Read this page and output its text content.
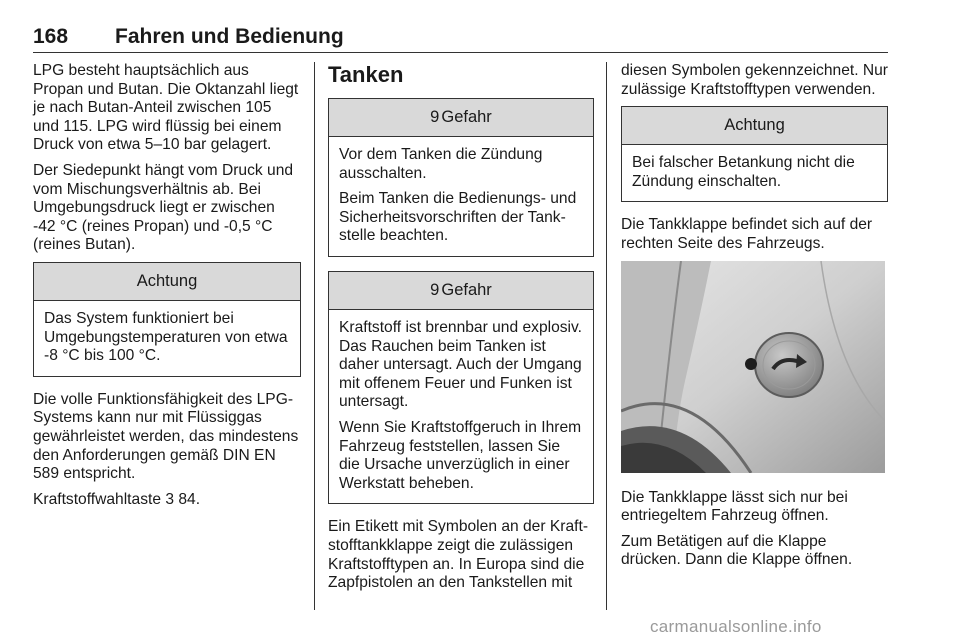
168 Fahren und Bedienung

LPG besteht hauptsächlich aus Propan und Butan. Die Oktanzahl liegt je nach Butan-Anteil zwischen 105 und 115. LPG wird flüssig bei einem Druck von etwa 5–10 bar gelagert.

Der Siedepunkt hängt vom Druck und vom Mischungsverhältnis ab. Bei Umgebungsdruck liegt er zwischen -42 °C (reines Propan) und -0,5 °C (reines Butan).

Achtung

Das System funktioniert bei Umgebungstemperaturen von etwa -8 °C bis 100 °C.

Die volle Funktionsfähigkeit des LPG-Systems kann nur mit Flüssiggas gewährleistet werden, das mindestens den Anforderungen gemäß DIN EN 589 entspricht.

Kraftstoffwahltaste 3 84.

Tanken
9 Gefahr

Vor dem Tanken die Zündung ausschalten.

Beim Tanken die Bedienungs- und Sicherheitsvorschriften der Tankstelle beachten.

9 Gefahr

Kraftstoff ist brennbar und explosiv. Das Rauchen beim Tanken ist daher untersagt. Auch der Umgang mit offenem Feuer und Funken ist untersagt.

Wenn Sie Kraftstoffgeruch in Ihrem Fahrzeug feststellen, lassen Sie die Ursache unverzüglich in einer Werkstatt beheben.

Ein Etikett mit Symbolen an der Kraftstofftankklappe zeigt die zulässigen Kraftstofftypen an. In Europa sind die Zapfpistolen an den Tankstellen mit

diesen Symbolen gekennzeichnet. Nur zulässige Kraftstofftypen verwenden.

Achtung

Bei falscher Betankung nicht die Zündung einschalten.

Die Tankklappe befindet sich auf der rechten Seite des Fahrzeugs.

Die Tankklappe lässt sich nur bei entriegeltem Fahrzeug öffnen.

Zum Betätigen auf die Klappe drücken. Dann die Klappe öffnen.

carmanualsonline.info
